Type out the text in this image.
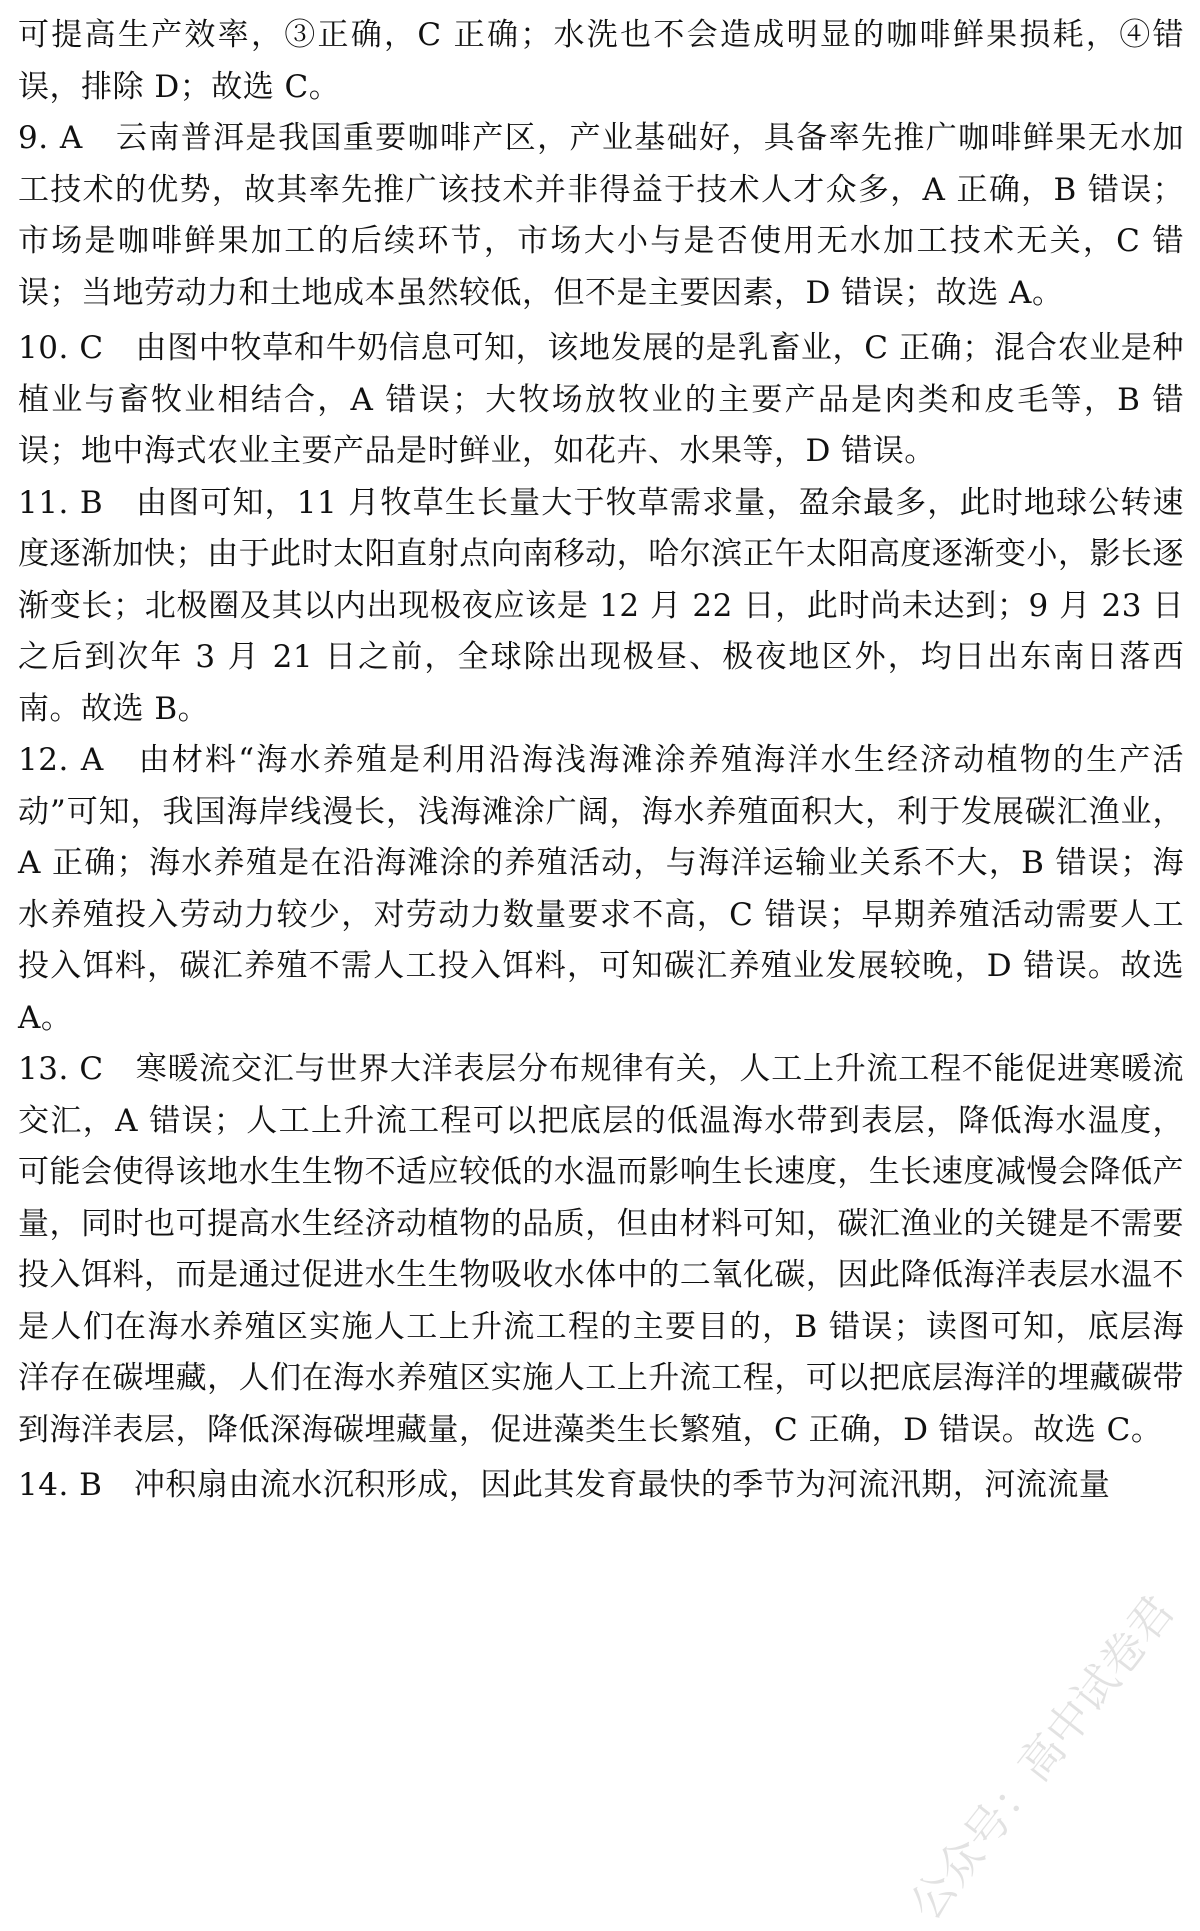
可提高生产效率，③正确，C 正确；水洗也不会造成明显的咖啡鲜果损耗，④错误，排除 D；故选 C。

9. A　云南普洱是我国重要咖啡产区，产业基础好，具备率先推广咖啡鲜果无水加工技术的优势，故其率先推广该技术并非得益于技术人才众多，A 正确，B 错误；市场是咖啡鲜果加工的后续环节，市场大小与是否使用无水加工技术无关，C 错误；当地劳动力和土地成本虽然较低，但不是主要因素，D 错误；故选 A。

10. C　由图中牧草和牛奶信息可知，该地发展的是乳畜业，C 正确；混合农业是种植业与畜牧业相结合，A 错误；大牧场放牧业的主要产品是肉类和皮毛等，B 错误；地中海式农业主要产品是时鲜业，如花卉、水果等，D 错误。

11. B　由图可知，11 月牧草生长量大于牧草需求量，盈余最多，此时地球公转速度逐渐加快；由于此时太阳直射点向南移动，哈尔滨正午太阳高度逐渐变小，影长逐渐变长；北极圈及其以内出现极夜应该是 12 月 22 日，此时尚未达到；9 月 23 日之后到次年 3 月 21 日之前，全球除出现极昼、极夜地区外，均日出东南日落西南。故选 B。

12. A　由材料“海水养殖是利用沿海浅海滩涂养殖海洋水生经济动植物的生产活动”可知，我国海岸线漫长，浅海滩涂广阔，海水养殖面积大，利于发展碳汇渔业，A 正确；海水养殖是在沿海滩涂的养殖活动，与海洋运输业关系不大，B 错误；海水养殖投入劳动力较少，对劳动力数量要求不高，C 错误；早期养殖活动需要人工投入饵料，碳汇养殖不需人工投入饵料，可知碳汇养殖业发展较晚，D 错误。故选 A。

13. C　寒暖流交汇与世界大洋表层分布规律有关，人工上升流工程不能促进寒暖流交汇，A 错误；人工上升流工程可以把底层的低温海水带到表层，降低海水温度，可能会使得该地水生生物不适应较低的水温而影响生长速度，生长速度减慢会降低产量，同时也可提高水生经济动植物的品质，但由材料可知，碳汇渔业的关键是不需要投入饵料，而是通过促进水生生物吸收水体中的二氧化碳，因此降低海洋表层水温不是人们在海水养殖区实施人工上升流工程的主要目的，B 错误；读图可知，底层海洋存在碳埋藏，人们在海水养殖区实施人工上升流工程，可以把底层海洋的埋藏碳带到海洋表层，降低深海碳埋藏量，促进藻类生长繁殖，C 正确，D 错误。故选 C。

14. B　冲积扇由流水沉积形成，因此其发育最快的季节为河流汛期，河流流量

公众号：高中试卷君
